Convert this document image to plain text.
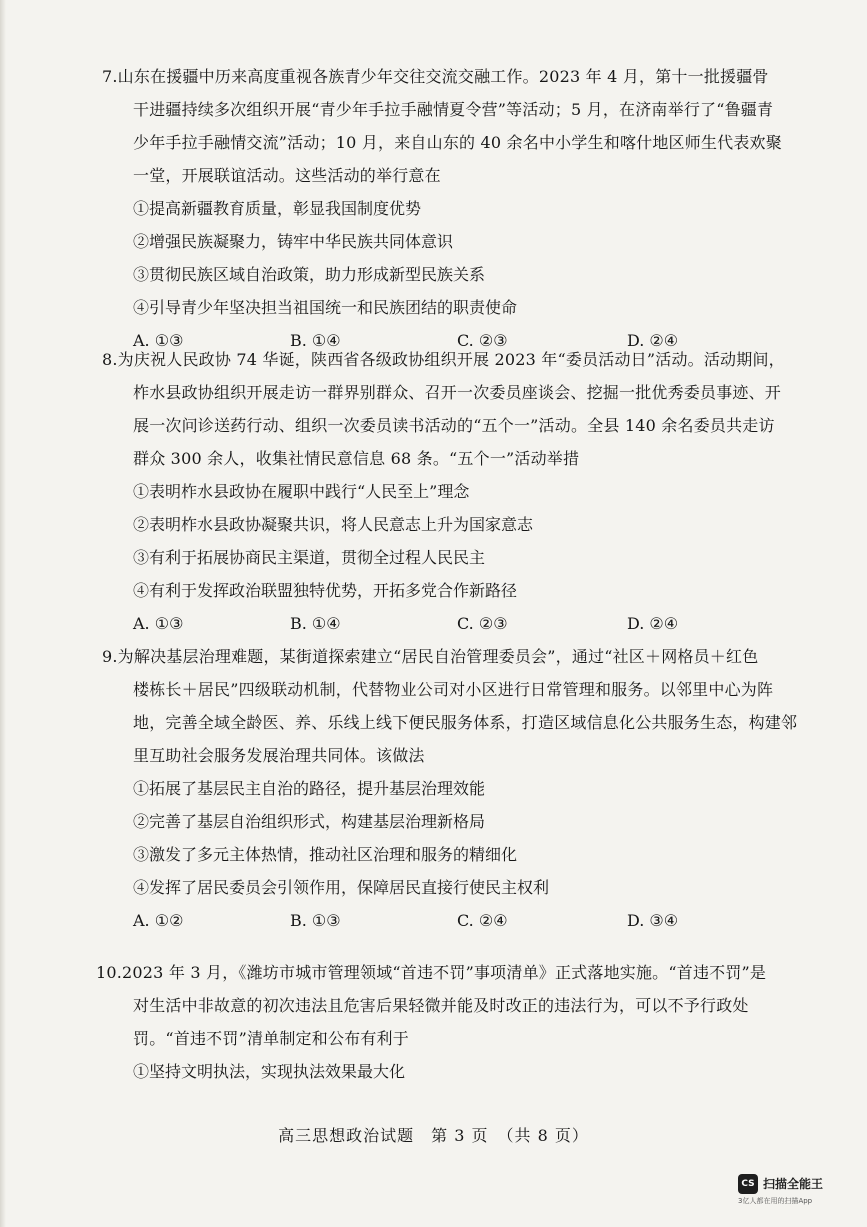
7.山东在援疆中历来高度重视各族青少年交往交流交融工作。2023 年 4 月，第十一批援疆骨
干进疆持续多次组织开展“青少年手拉手融情夏令营”等活动；5 月，在济南举行了“鲁疆青
少年手拉手融情交流”活动；10 月，来自山东的 40 余名中小学生和喀什地区师生代表欢聚
一堂，开展联谊活动。这些活动的举行意在

①提高新疆教育质量，彰显我国制度优势

②增强民族凝聚力，铸牢中华民族共同体意识

③贯彻民族区域自治政策，助力形成新型民族关系

④引导青少年坚决担当祖国统一和民族团结的职责使命

A. ①③	B. ①④	C. ②③	D. ②④

8.为庆祝人民政协 74 华诞，陕西省各级政协组织开展 2023 年“委员活动日”活动。活动期间，
柞水县政协组织开展走访一群界别群众、召开一次委员座谈会、挖掘一批优秀委员事迹、开
展一次问诊送药行动、组织一次委员读书活动的“五个一”活动。全县 140 余名委员共走访
群众 300 余人，收集社情民意信息 68 条。“五个一”活动举措

①表明柞水县政协在履职中践行“人民至上”理念

②表明柞水县政协凝聚共识，将人民意志上升为国家意志

③有利于拓展协商民主渠道，贯彻全过程人民民主

④有利于发挥政治联盟独特优势，开拓多党合作新路径

A. ①③	B. ①④	C. ②③	D. ②④

9.为解决基层治理难题，某街道探索建立“居民自治管理委员会”，通过“社区＋网格员＋红色
楼栋长＋居民”四级联动机制，代替物业公司对小区进行日常管理和服务。以邻里中心为阵
地，完善全域全龄医、养、乐线上线下便民服务体系，打造区域信息化公共服务生态，构建邻
里互助社会服务发展治理共同体。该做法

①拓展了基层民主自治的路径，提升基层治理效能

②完善了基层自治组织形式，构建基层治理新格局

③激发了多元主体热情，推动社区治理和服务的精细化

④发挥了居民委员会引领作用，保障居民直接行使民主权利

A. ①②	B. ①③	C. ②④	D. ③④

10.2023 年 3 月，《潍坊市城市管理领域“首违不罚”事项清单》正式落地实施。“首违不罚”是
对生活中非故意的初次违法且危害后果轻微并能及时改正的违法行为，可以不予行政处
罚。“首违不罚”清单制定和公布有利于

①坚持文明执法，实现执法效果最大化

高三思想政治试题　第 3 页　（共 8 页）
CS 扫描全能王
3亿人都在用的扫描App
